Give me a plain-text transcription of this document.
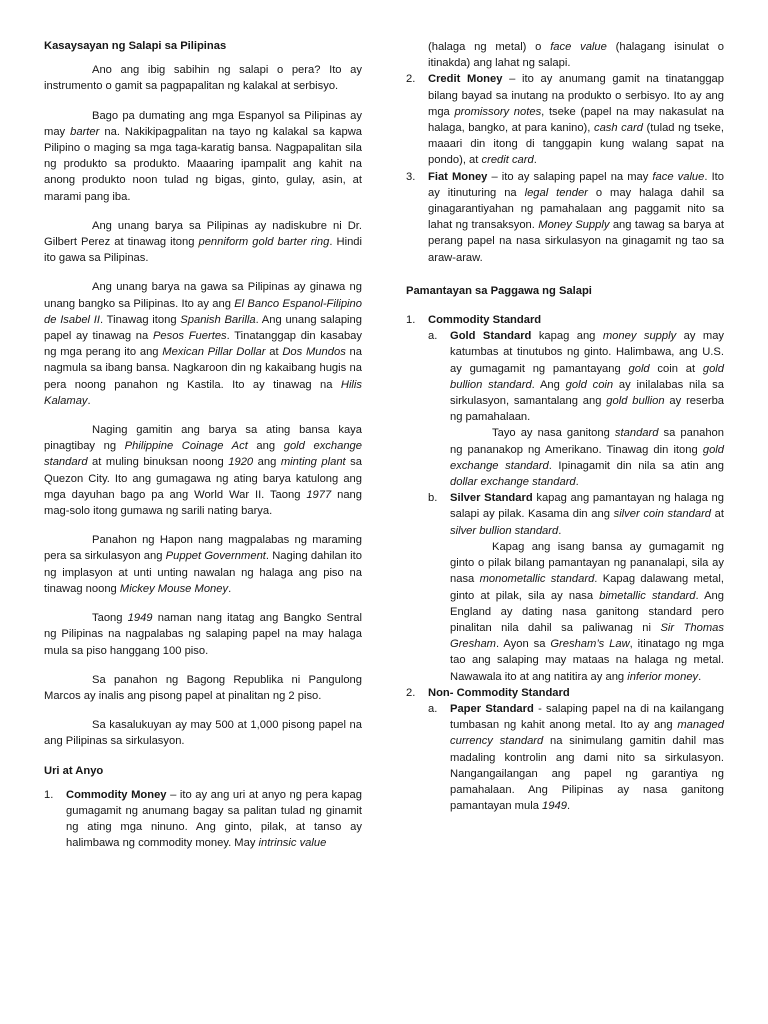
Kasaysayan ng Salapi sa Pilipinas

Ano ang ibig sabihin ng salapi o pera? Ito ay instrumento o gamit sa pagpapalitan ng kalakal at serbisyo.

Bago pa dumating ang mga Espanyol sa Pilipinas ay may barter na. Nakikipagpalitan na tayo ng kalakal sa kapwa Pilipino o maging sa mga taga-karatig bansa. Nagpapalitan sila ng produkto sa produkto. Maaaring ipampalit ang kahit na anong produkto noon tulad ng bigas, ginto, gulay, asin, at marami pang iba.

Ang unang barya sa Pilipinas ay nadiskubre ni Dr. Gilbert Perez at tinawag itong penniform gold barter ring. Hindi ito gawa sa Pilipinas.

Ang unang barya na gawa sa Pilipinas ay ginawa ng unang bangko sa Pilipinas. Ito ay ang El Banco Espanol-Filipino de Isabel II. Tinawag itong Spanish Barilla. Ang unang salaping papel ay tinawag na Pesos Fuertes. Tinatanggap din kasabay ng mga perang ito ang Mexican Pillar Dollar at Dos Mundos na nagmula sa ibang bansa. Nagkaroon din ng kakaibang hugis na pera noong panahon ng Kastila. Ito ay tinawag na Hilis Kalamay.

Naging gamitin ang barya sa ating bansa kaya pinagtibay ng Philippine Coinage Act ang gold exchange standard at muling binuksan noong 1920 ang minting plant sa Quezon City. Ito ang gumagawa ng ating barya katulong ang mga dayuhan bago pa ang World War II. Taong 1977 nang mag-solo itong gumawa ng sarili nating barya.

Panahon ng Hapon nang magpalabas ng maraming pera sa sirkulasyon ang Puppet Government. Naging dahilan ito ng implasyon at unti unting nawalan ng halaga ang piso na tinawag noong Mickey Mouse Money.

Taong 1949 naman nang itatag ang Bangko Sentral ng Pilipinas na nagpalabas ng salaping papel na may halaga mula sa piso hanggang 100 piso.

Sa panahon ng Bagong Republika ni Pangulong Marcos ay inalis ang pisong papel at pinalitan ng 2 piso.

Sa kasalukuyan ay may 500 at 1,000 pisong papel na ang Pilipinas sa sirkulasyon.

Uri at Anyo
1. Commodity Money – ito ay ang uri at anyo ng pera kapag gumagamit ng anumang bagay sa palitan tulad ng ginamit ng ating mga ninuno. Ang ginto, pilak, at tanso ay halimbawa ng commodity money. May intrinsic value
(halaga ng metal) o face value (halagang isinulat o itinakda) ang lahat ng salapi.
2. Credit Money – ito ay anumang gamit na tinatanggap bilang bayad sa inutang na produkto o serbisyo. Ito ay ang mga promissory notes, tseke (papel na may nakasulat na halaga, bangko, at para kanino), cash card (tulad ng tseke, maaari din itong di tanggapin kung walang sapat na pondo), at credit card.
3. Fiat Money – ito ay salaping papel na may face value. Ito ay itinuturing na legal tender o may halaga dahil sa ginagarantiyahan ng pamahalaan ang paggamit nito sa lahat ng transaksyon. Money Supply ang tawag sa barya at perang papel na nasa sirkulasyon na ginagamit ng tao sa araw-araw.
Pamantayan sa Paggawa ng Salapi
1. Commodity Standard
a. Gold Standard kapag ang money supply ay may katumbas at tinutubos ng ginto. Halimbawa, ang U.S. ay gumagamit ng pamantayang gold coin at gold bullion standard. Ang gold coin ay inilalabas nila sa sirkulasyon, samantalang ang gold bullion ay reserba ng pamahalaan.
Tayo ay nasa ganitong standard sa panahon ng pananakop ng Amerikano. Tinawag din itong gold exchange standard. Ipinagamit din nila sa atin ang dollar exchange standard.
b. Silver Standard kapag ang pamantayan ng halaga ng salapi ay pilak. Kasama din ang silver coin standard at silver bullion standard.
Kapag ang isang bansa ay gumagamit ng ginto o pilak bilang pamantayan ng pananalapi, sila ay nasa monometallic standard. Kapag dalawang metal, ginto at pilak, sila ay nasa bimetallic standard. Ang England ay dating nasa ganitong standard pero pinalitan nila dahil sa paliwanag ni Sir Thomas Gresham. Ayon sa Gresham’s Law, itinatago ng mga tao ang salaping may mataas na halaga ng metal. Nawawala ito at ang natitira ay ang inferior money.
2. Non- Commodity Standard
a. Paper Standard - salaping papel na di na kailangang tumbasan ng kahit anong metal. Ito ay ang managed currency standard na sinimulang gamitin dahil mas madaling kontrolin ang dami nito sa sirkulasyon. Nangangailangan ang papel ng garantiya ng pamahalaan. Ang Pilipinas ay nasa ganitong pamantayan mula 1949.
